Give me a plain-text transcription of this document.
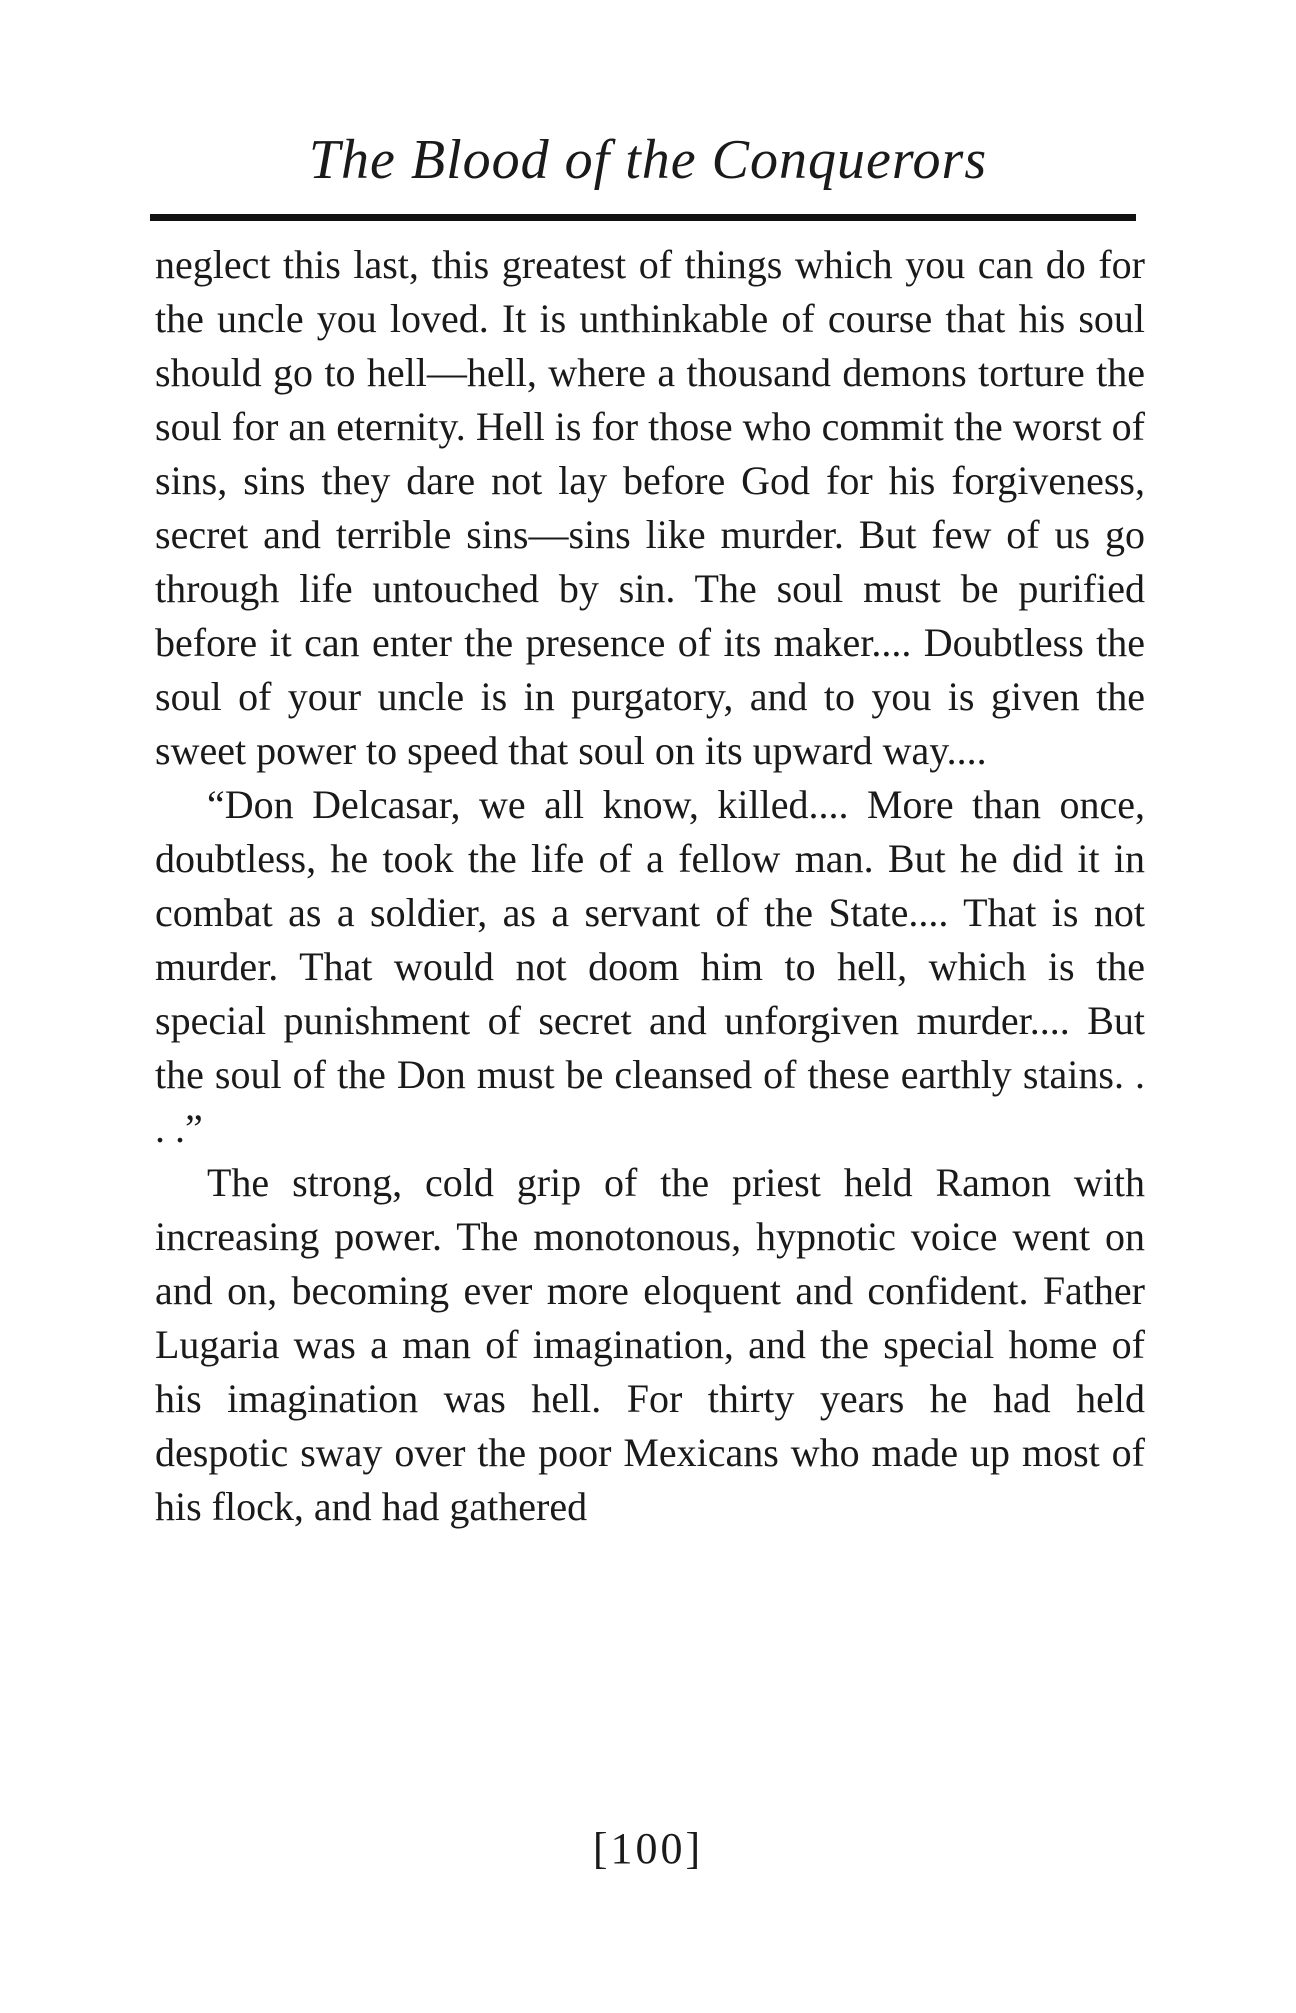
The Blood of the Conquerors

neglect this last, this greatest of things which you can do for the uncle you loved. It is unthinkable of course that his soul should go to hell—hell, where a thousand demons torture the soul for an eternity. Hell is for those who commit the worst of sins, sins they dare not lay before God for his forgiveness, secret and terrible sins—sins like murder. But few of us go through life untouched by sin. The soul must be purified before it can enter the presence of its maker.... Doubtless the soul of your uncle is in purgatory, and to you is given the sweet power to speed that soul on its upward way....

“Don Delcasar, we all know, killed.... More than once, doubtless, he took the life of a fellow man. But he did it in combat as a soldier, as a servant of the State.... That is not murder. That would not doom him to hell, which is the special punishment of secret and unforgiven murder.... But the soul of the Don must be cleansed of these earthly stains. . . .”

The strong, cold grip of the priest held Ramon with increasing power. The monotonous, hypnotic voice went on and on, becoming ever more eloquent and confident. Father Lugaria was a man of imagination, and the special home of his imagination was hell. For thirty years he had held despotic sway over the poor Mexicans who made up most of his flock, and had gathered

[100]
